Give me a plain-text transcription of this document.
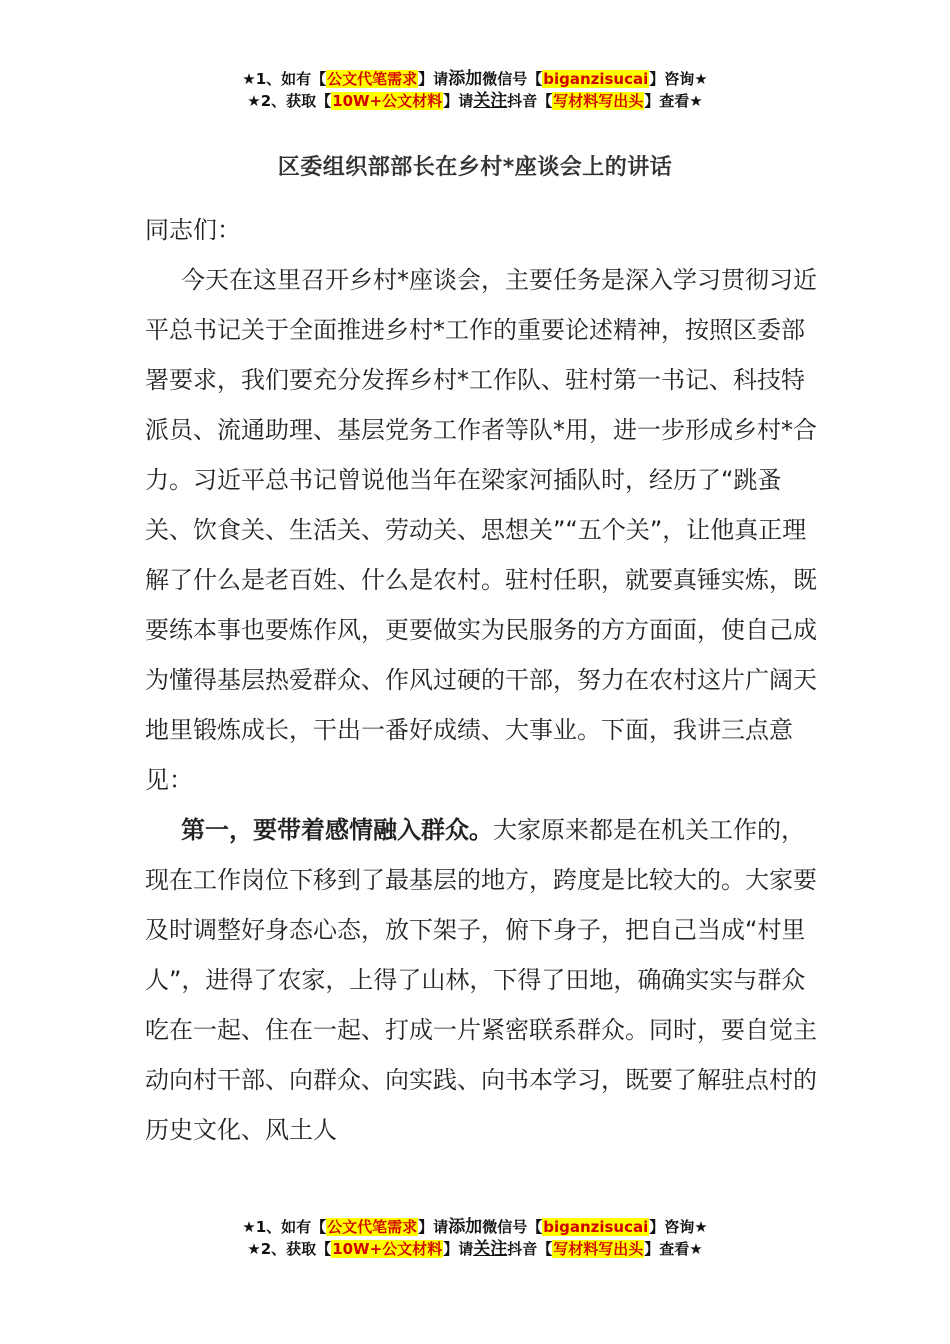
★1、如有【公文代笔需求】请添加微信号【biganzisucai】咨询★
★2、获取【10W+公文材料】请关注抖音【写材料写出头】查看★
区委组织部部长在乡村*座谈会上的讲话

同志们：

今天在这里召开乡村*座谈会，主要任务是深入学习贯彻习近平总书记关于全面推进乡村*工作的重要论述精神，按照区委部署要求，我们要充分发挥乡村*工作队、驻村第一书记、科技特派员、流通助理、基层党务工作者等队*用，进一步形成乡村*合力。习近平总书记曾说他当年在梁家河插队时，经历了“跳蚤关、饮食关、生活关、劳动关、思想关”“五个关”，让他真正理解了什么是老百姓、什么是农村。驻村任职，就要真锤实炼，既要练本事也要炼作风，更要做实为民服务的方方面面，使自己成为懂得基层热爱群众、作风过硬的干部，努力在农村这片广阔天地里锻炼成长，干出一番好成绩、大事业。下面，我讲三点意见：

第一，要带着感情融入群众。大家原来都是在机关工作的，现在工作岗位下移到了最基层的地方，跨度是比较大的。大家要及时调整好身态心态，放下架子，俯下身子，把自己当成“村里人”，进得了农家，上得了山林，下得了田地，确确实实与群众吃在一起、住在一起、打成一片紧密联系群众。同时，要自觉主动向村干部、向群众、向实践、向书本学习，既要了解驻点村的历史文化、风土人

★1、如有【公文代笔需求】请添加微信号【biganzisucai】咨询★
★2、获取【10W+公文材料】请关注抖音【写材料写出头】查看★
